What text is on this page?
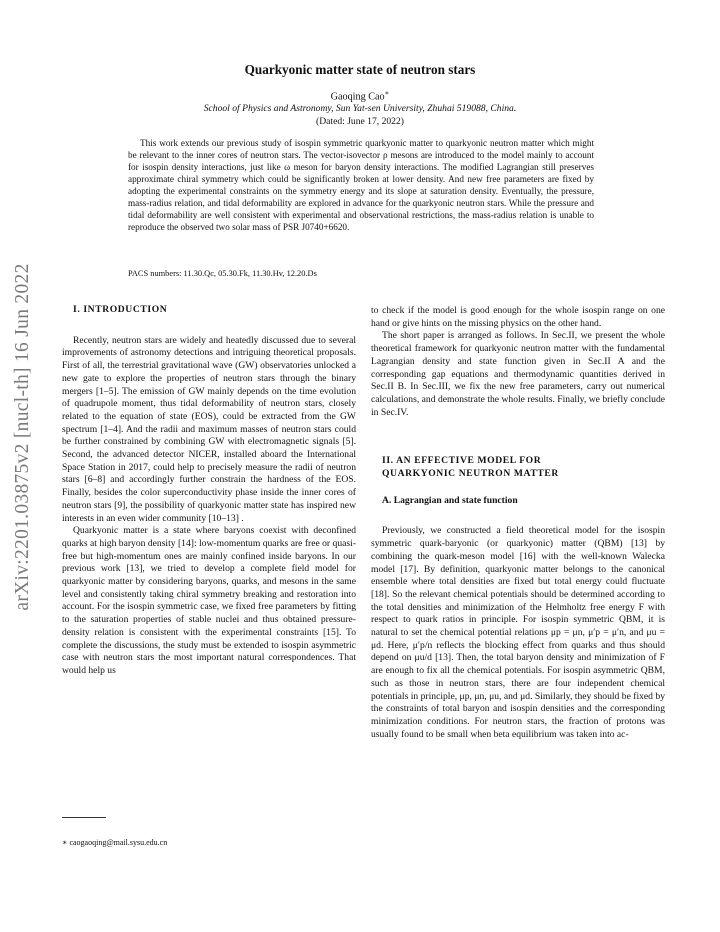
arXiv:2201.03875v2 [nucl-th] 16 Jun 2022
Quarkyonic matter state of neutron stars
Gaoqing Cao∗
School of Physics and Astronomy, Sun Yat-sen University, Zhuhai 519088, China.
(Dated: June 17, 2022)

This work extends our previous study of isospin symmetric quarkyonic matter to quarkyonic neutron matter which might be relevant to the inner cores of neutron stars. The vector-isovector ρ mesons are introduced to the model mainly to account for isospin density interactions, just like ω meson for baryon density interactions. The modified Lagrangian still preserves approximate chiral symmetry which could be significantly broken at lower density. And new free parameters are fixed by adopting the experimental constraints on the symmetry energy and its slope at saturation density. Eventually, the pressure, mass-radius relation, and tidal deformability are explored in advance for the quarkyonic neutron stars. While the pressure and tidal deformability are well consistent with experimental and observational restrictions, the mass-radius relation is unable to reproduce the observed two solar mass of PSR J0740+6620.

PACS numbers: 11.30.Qc, 05.30.Fk, 11.30.Hv, 12.20.Ds

I. INTRODUCTION

Recently, neutron stars are widely and heatedly discussed due to several improvements of astronomy detections and intriguing theoretical proposals. First of all, the terrestrial gravitational wave (GW) observatories unlocked a new gate to explore the properties of neutron stars through the binary mergers [1–5]. The emission of GW mainly depends on the time evolution of quadrupole moment, thus tidal deformability of neutron stars, closely related to the equation of state (EOS), could be extracted from the GW spectrum [1–4]. And the radii and maximum masses of neutron stars could be further constrained by combining GW with electromagnetic signals [5]. Second, the advanced detector NICER, installed aboard the International Space Station in 2017, could help to precisely measure the radii of neutron stars [6–8] and accordingly further constrain the hardness of the EOS. Finally, besides the color superconductivity phase inside the inner cores of neutron stars [9], the possibility of quarkyonic matter state has inspired new interests in an even wider community [10–13] .

Quarkyonic matter is a state where baryons coexist with deconfined quarks at high baryon density [14]: low-momentum quarks are free or quasi-free but high-momentum ones are mainly confined inside baryons. In our previous work [13], we tried to develop a complete field model for quarkyonic matter by considering baryons, quarks, and mesons in the same level and consistently taking chiral symmetry breaking and restoration into account. For the isospin symmetric case, we fixed free parameters by fitting to the saturation properties of stable nuclei and thus obtained pressure-density relation is consistent with the experimental constraints [15]. To complete the discussions, the study must be extended to isospin asymmetric case with neutron stars the most important natural correspondences. That would help us

to check if the model is good enough for the whole isospin range on one hand or give hints on the missing physics on the other hand.

The short paper is arranged as follows. In Sec.II, we present the whole theoretical framework for quarkyonic neutron matter with the fundamental Lagrangian density and state function given in Sec.II A and the corresponding gap equations and thermodynamic quantities derived in Sec.II B. In Sec.III, we fix the new free parameters, carry out numerical calculations, and demonstrate the whole results. Finally, we briefly conclude in Sec.IV.

II. AN EFFECTIVE MODEL FOR

QUARKYONIC NEUTRON MATTER

A. Lagrangian and state function

Previously, we constructed a field theoretical model for the isospin symmetric quark-baryonic (or quarkyonic) matter (QBM) [13] by combining the quark-meson model [16] with the well-known Walecka model [17]. By definition, quarkyonic matter belongs to the canonical ensemble where total densities are fixed but total energy could fluctuate [18]. So the relevant chemical potentials should be determined according to the total densities and minimization of the Helmholtz free energy F with respect to quark ratios in principle. For isospin symmetric QBM, it is natural to set the chemical potential relations μp = μn, μ′p = μ′n, and μu = μd. Here, μ′p/n reflects the blocking effect from quarks and thus should depend on μu/d [13]. Then, the total baryon density and minimization of F are enough to fix all the chemical potentials. For isospin asymmetric QBM, such as those in neutron stars, there are four independent chemical potentials in principle, μp, μn, μu, and μd. Similarly, they should be fixed by the constraints of total baryon and isospin densities and the corresponding minimization conditions. For neutron stars, the fraction of protons was usually found to be small when beta equilibrium was taken into ac-

∗ caogaoqing@mail.sysu.edu.cn
